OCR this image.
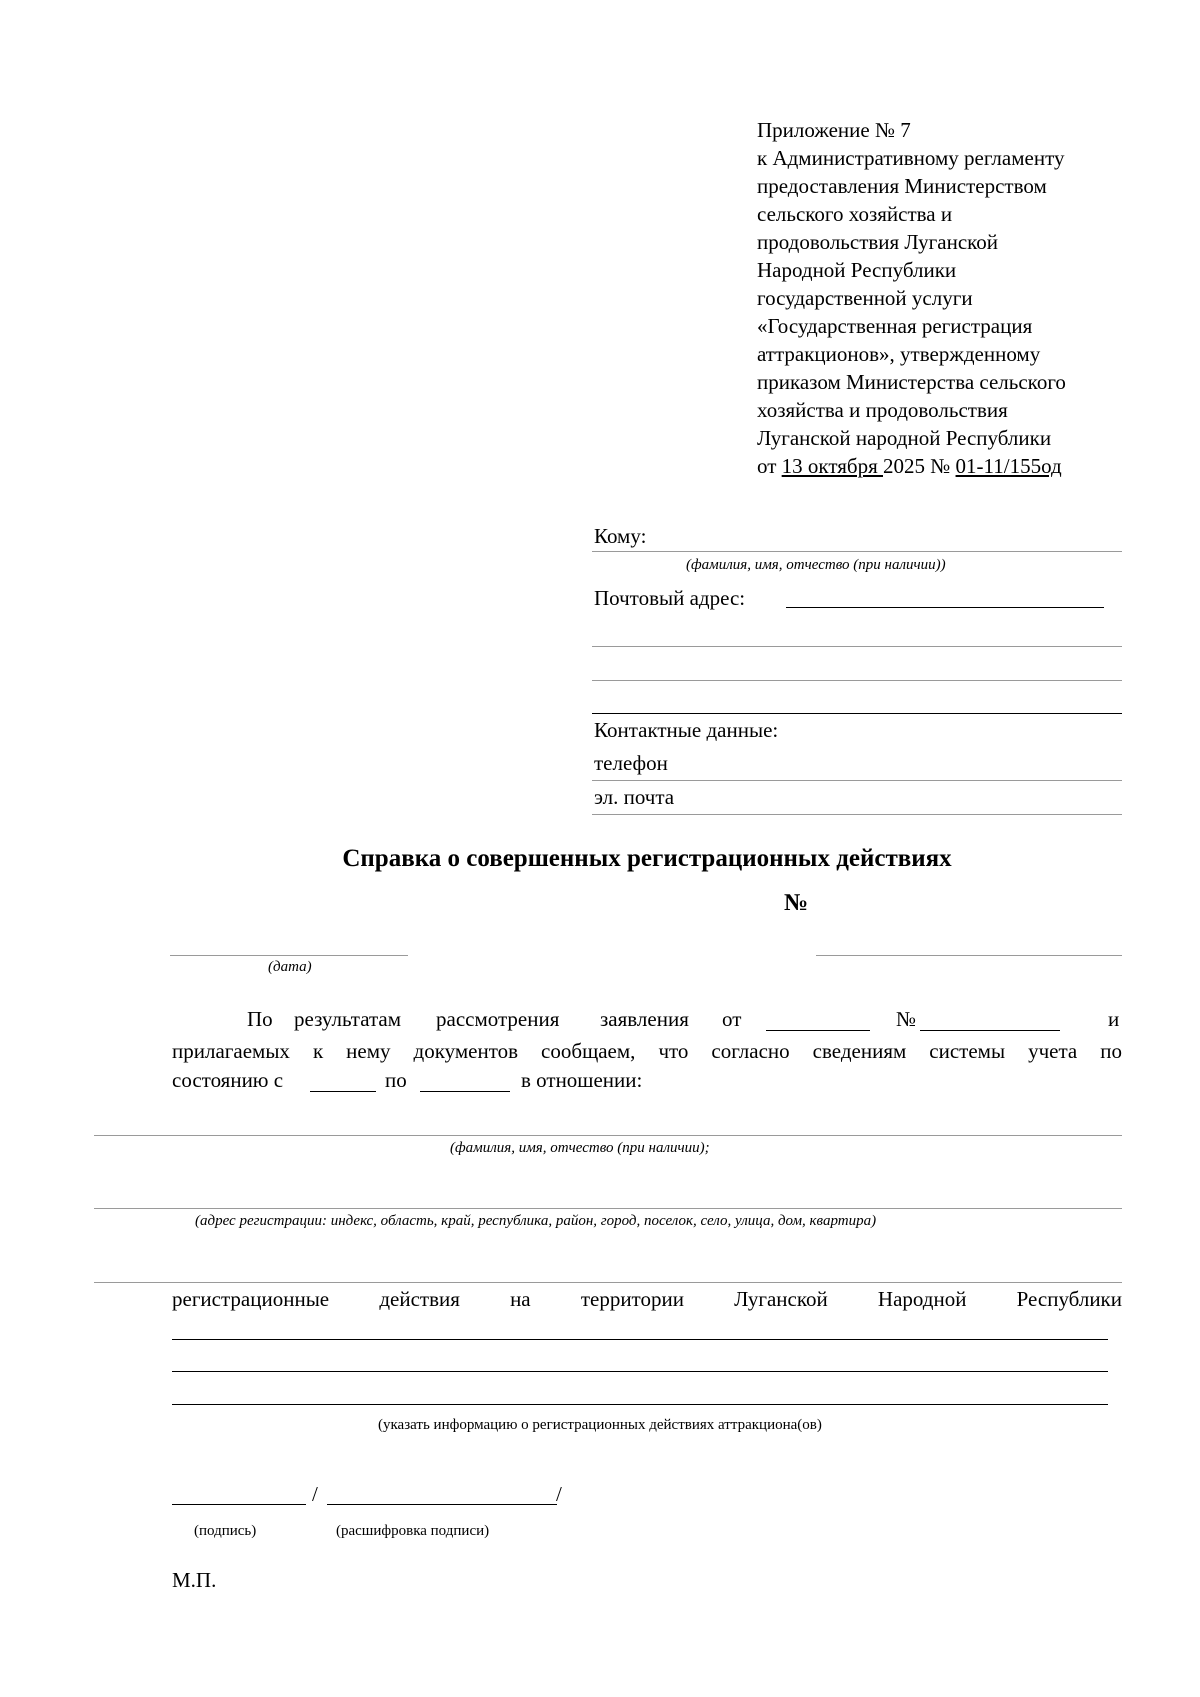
Приложение № 7
к Административному регламенту
предоставления Министерством
сельского хозяйства и
продовольствия Луганской
Народной Республики
государственной услуги
«Государственная регистрация
аттракционов», утвержденному
приказом Министерства сельского
хозяйства и продовольствия
Луганской народной Республики
от 13 октября 2025 № 01-11/155од
Кому:
(фамилия, имя, отчество (при наличии))
Почтовый адрес:
Контактные данные:
телефон
эл. почта
Справка о совершенных регистрационных действиях
№
(дата)
По результатам рассмотрения заявления от	№	и
прилагаемых к нему документов сообщаем, что согласно сведениям системы учета по
состоянию с	по	в отношении:
(фамилия, имя, отчество (при наличии);
(адрес регистрации: индекс, область, край, республика, район, город, поселок, село, улица, дом, квартира)
регистрационные действия на территории Луганской Народной Республики
(указать информацию о регистрационных действиях аттракциона(ов)
/	/
(подпись)	(расшифровка подписи)
М.П.
